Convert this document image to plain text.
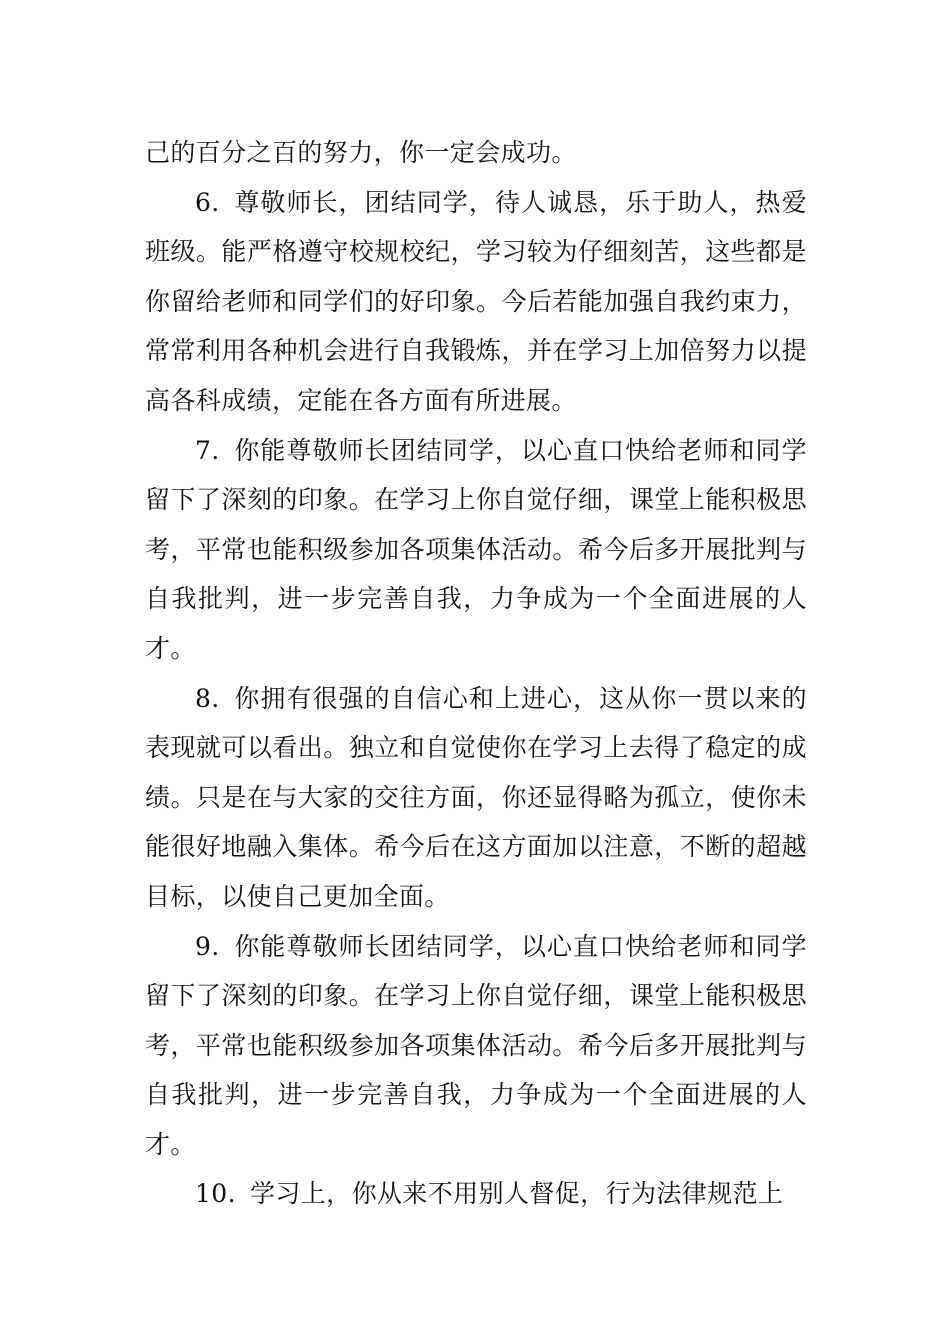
己的百分之百的努力，你一定会成功。

6. 尊敬师长，团结同学，待人诚恳，乐于助人，热爱班级。能严格遵守校规校纪，学习较为仔细刻苦，这些都是你留给老师和同学们的好印象。今后若能加强自我约束力，常常利用各种机会进行自我锻炼，并在学习上加倍努力以提高各科成绩，定能在各方面有所进展。

7. 你能尊敬师长团结同学，以心直口快给老师和同学留下了深刻的印象。在学习上你自觉仔细，课堂上能积极思考，平常也能积级参加各项集体活动。希今后多开展批判与自我批判，进一步完善自我，力争成为一个全面进展的人才。

8. 你拥有很强的自信心和上进心，这从你一贯以来的表现就可以看出。独立和自觉使你在学习上去得了稳定的成绩。只是在与大家的交往方面，你还显得略为孤立，使你未能很好地融入集体。希今后在这方面加以注意，不断的超越目标，以使自己更加全面。

9. 你能尊敬师长团结同学，以心直口快给老师和同学留下了深刻的印象。在学习上你自觉仔细，课堂上能积极思考，平常也能积级参加各项集体活动。希今后多开展批判与自我批判，进一步完善自我，力争成为一个全面进展的人才。

10. 学习上，你从来不用别人督促，行为法律规范上
